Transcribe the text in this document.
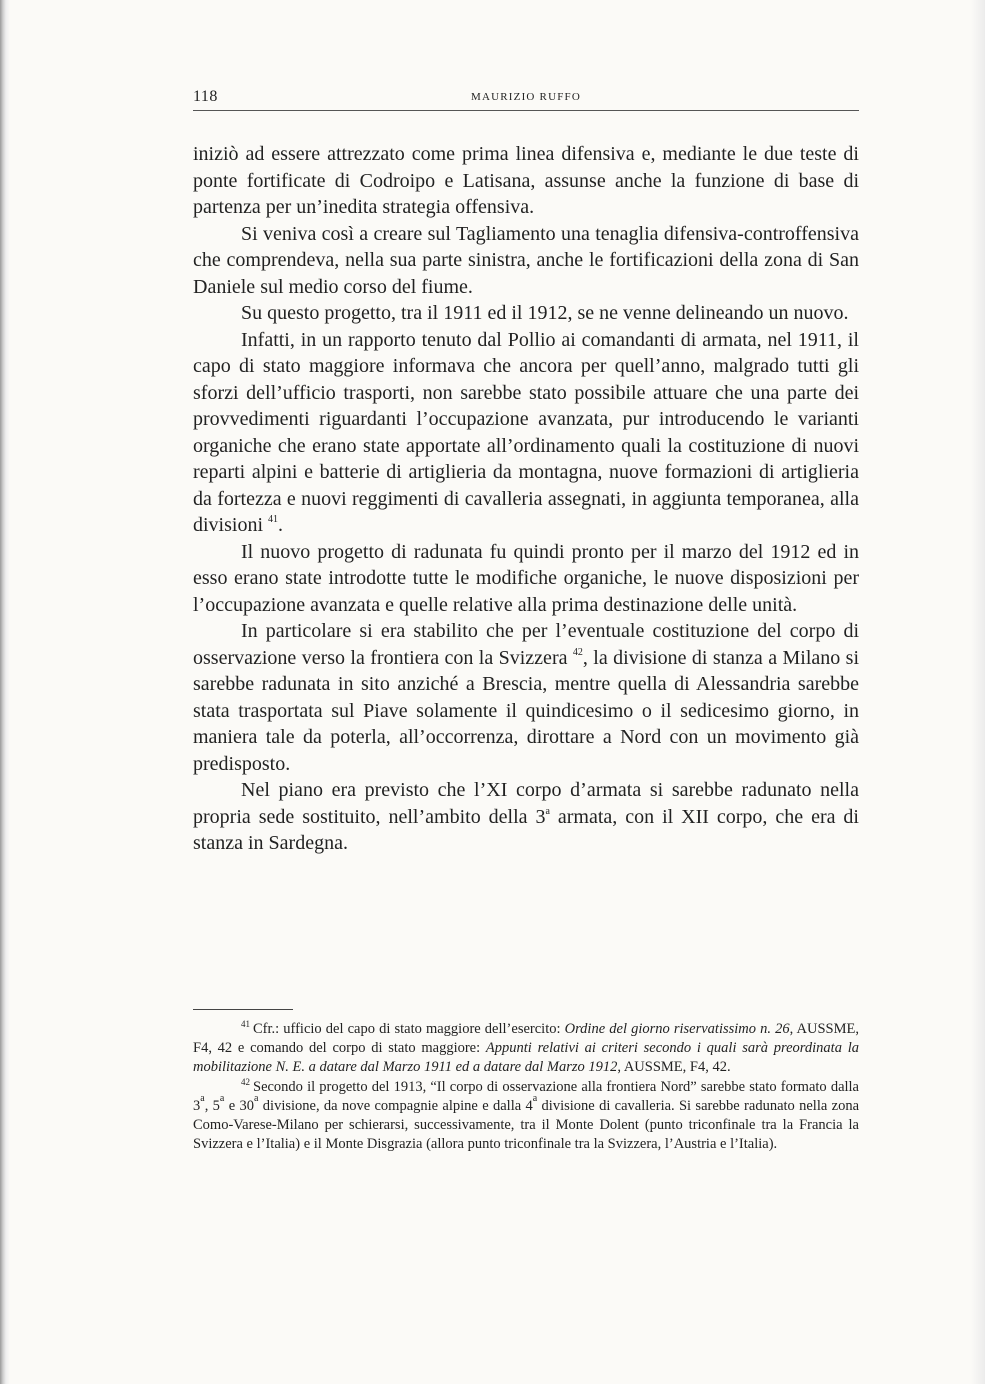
118	MAURIZIO RUFFO

iniziò ad essere attrezzato come prima linea difensiva e, mediante le due teste di ponte fortificate di Codroipo e Latisana, assunse anche la funzione di base di partenza per un’inedita strategia offensiva.

Si veniva così a creare sul Tagliamento una tenaglia difensiva-controffensiva che comprendeva, nella sua parte sinistra, anche le fortificazioni della zona di San Daniele sul medio corso del fiume.

Su questo progetto, tra il 1911 ed il 1912, se ne venne delineando un nuovo.

Infatti, in un rapporto tenuto dal Pollio ai comandanti di armata, nel 1911, il capo di stato maggiore informava che ancora per quell’anno, malgrado tutti gli sforzi dell’ufficio trasporti, non sarebbe stato possibile attuare che una parte dei provvedimenti riguardanti l’occupazione avanzata, pur introducendo le varianti organiche che erano state apportate all’ordinamento quali la costituzione di nuovi reparti alpini e batterie di artiglieria da montagna, nuove formazioni di artiglieria da fortezza e nuovi reggimenti di cavalleria assegnati, in aggiunta temporanea, alla divisioni $^{41}$.

Il nuovo progetto di radunata fu quindi pronto per il marzo del 1912 ed in esso erano state introdotte tutte le modifiche organiche, le nuove disposizioni per l’occupazione avanzata e quelle relative alla prima destinazione delle unità.

In particolare si era stabilito che per l’eventuale costituzione del corpo di osservazione verso la frontiera con la Svizzera $^{42}$, la divisione di stanza a Milano si sarebbe radunata in sito anziché a Brescia, mentre quella di Alessandria sarebbe stata trasportata sul Piave solamente il quindicesimo o il sedicesimo giorno, in maniera tale da poterla, all’occorrenza, dirottare a Nord con un movimento già predisposto.

Nel piano era previsto che l’XI corpo d’armata si sarebbe radunato nella propria sede sostituito, nell’ambito della 3$^a$ armata, con il XII corpo, che era di stanza in Sardegna.

$^{41}$ Cfr.: ufficio del capo di stato maggiore dell’esercito: Ordine del giorno riservatissimo n. 26, AUSSME, F4, 42 e comando del corpo di stato maggiore: Appunti relativi ai criteri secondo i quali sarà preordinata la mobilitazione N. E. a datare dal Marzo 1911 ed a datare dal Marzo 1912, AUSSME, F4, 42.

$^{42}$ Secondo il progetto del 1913, “Il corpo di osservazione alla frontiera Nord” sarebbe stato formato dalla 3$^a$, 5$^a$ e 30$^a$ divisione, da nove compagnie alpine e dalla 4$^a$ divisione di cavalleria. Si sarebbe radunato nella zona Como-Varese-Milano per schierarsi, successivamente, tra il Monte Dolent (punto triconfinale tra la Francia la Svizzera e l’Italia) e il Monte Disgrazia (allora punto triconfinale tra la Svizzera, l’Austria e l’Italia).
